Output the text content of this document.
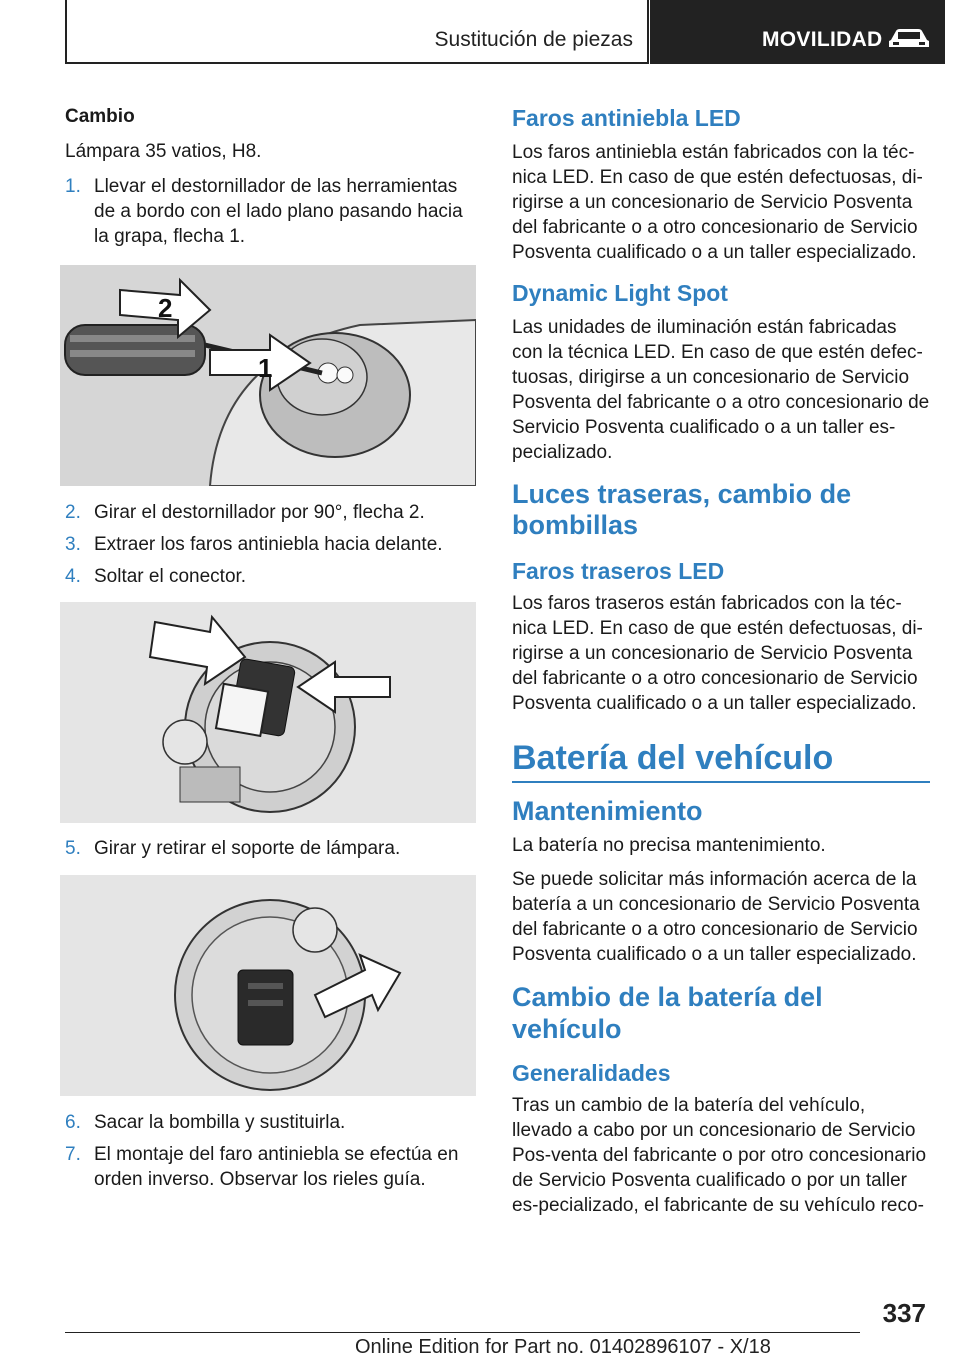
Sustitución de piezas	MOVILIDAD

Cambio

Lámpara 35 vatios, H8.

1. Llevar el destornillador de las herramientas de a bordo con el lado plano pasando hacia la grapa, flecha 1.
2
1
2. Girar el destornillador por 90°, flecha 2.
3. Extraer los faros antiniebla hacia delante.
4. Soltar el conector.
5. Girar y retirar el soporte de lámpara.
6. Sacar la bombilla y sustituirla.
7. El montaje del faro antiniebla se efectúa en orden inverso. Observar los rieles guía.

Faros antiniebla LED

Los faros antiniebla están fabricados con la téc‐nica LED. En caso de que estén defectuosas, di‐rigirse a un concesionario de Servicio Posventa del fabricante o a otro concesionario de Servicio Posventa cualificado o a un taller especializado.

Dynamic Light Spot

Las unidades de iluminación están fabricadas con la técnica LED. En caso de que estén defec‐tuosas, dirigirse a un concesionario de Servicio Posventa del fabricante o a otro concesionario de Servicio Posventa cualificado o a un taller es‐pecializado.

Luces traseras, cambio de bombillas

Faros traseros LED

Los faros traseros están fabricados con la téc‐nica LED. En caso de que estén defectuosas, di‐rigirse a un concesionario de Servicio Posventa del fabricante o a otro concesionario de Servicio Posventa cualificado o a un taller especializado.

Batería del vehículo

Mantenimiento

La batería no precisa mantenimiento.

Se puede solicitar más información acerca de la batería a un concesionario de Servicio Posventa del fabricante o a otro concesionario de Servicio Posventa cualificado o a un taller especializado.

Cambio de la batería del vehículo

Generalidades

Tras un cambio de la batería del vehículo, llevado a cabo por un concesionario de Servicio Pos‐venta del fabricante o por otro concesionario de Servicio Posventa cualificado o por un taller es‐pecializado, el fabricante de su vehículo reco‐

337
Online Edition for Part no. 01402896107 - X/18
